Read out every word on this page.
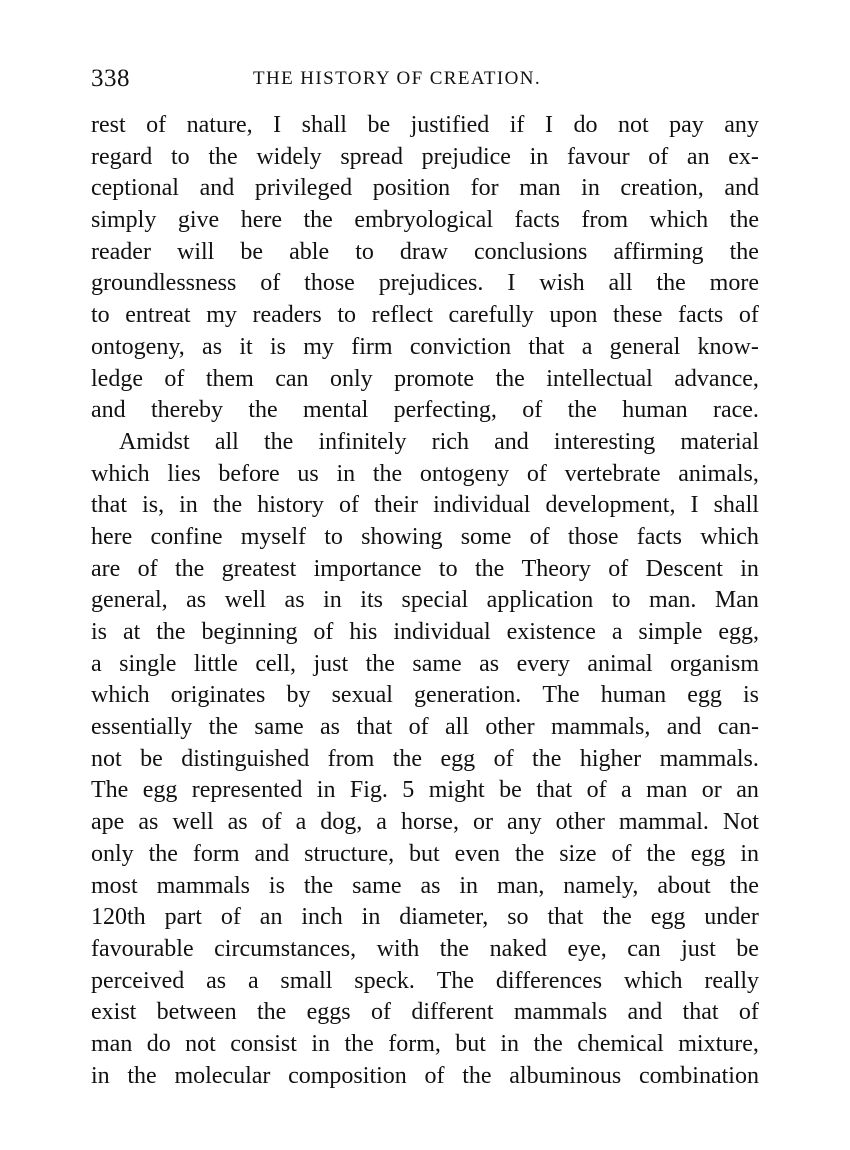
338	THE HISTORY OF CREATION.
rest of nature, I shall be justified if I do not pay any
regard to the widely spread prejudice in favour of an ex-
ceptional and privileged position for man in creation, and
simply give here the embryological facts from which the
reader will be able to draw conclusions affirming the
groundlessness of those prejudices. I wish all the more
to entreat my readers to reflect carefully upon these facts of
ontogeny, as it is my firm conviction that a general know-
ledge of them can only promote the intellectual advance,
and thereby the mental perfecting, of the human race.
Amidst all the infinitely rich and interesting material
which lies before us in the ontogeny of vertebrate animals,
that is, in the history of their individual development, I shall
here confine myself to showing some of those facts which
are of the greatest importance to the Theory of Descent in
general, as well as in its special application to man. Man
is at the beginning of his individual existence a simple egg,
a single little cell, just the same as every animal organism
which originates by sexual generation. The human egg is
essentially the same as that of all other mammals, and can-
not be distinguished from the egg of the higher mammals.
The egg represented in Fig. 5 might be that of a man or an
ape as well as of a dog, a horse, or any other mammal. Not
only the form and structure, but even the size of the egg in
most mammals is the same as in man, namely, about the
120th part of an inch in diameter, so that the egg under
favourable circumstances, with the naked eye, can just be
perceived as a small speck. The differences which really
exist between the eggs of different mammals and that of
man do not consist in the form, but in the chemical mixture,
in the molecular composition of the albuminous combination
